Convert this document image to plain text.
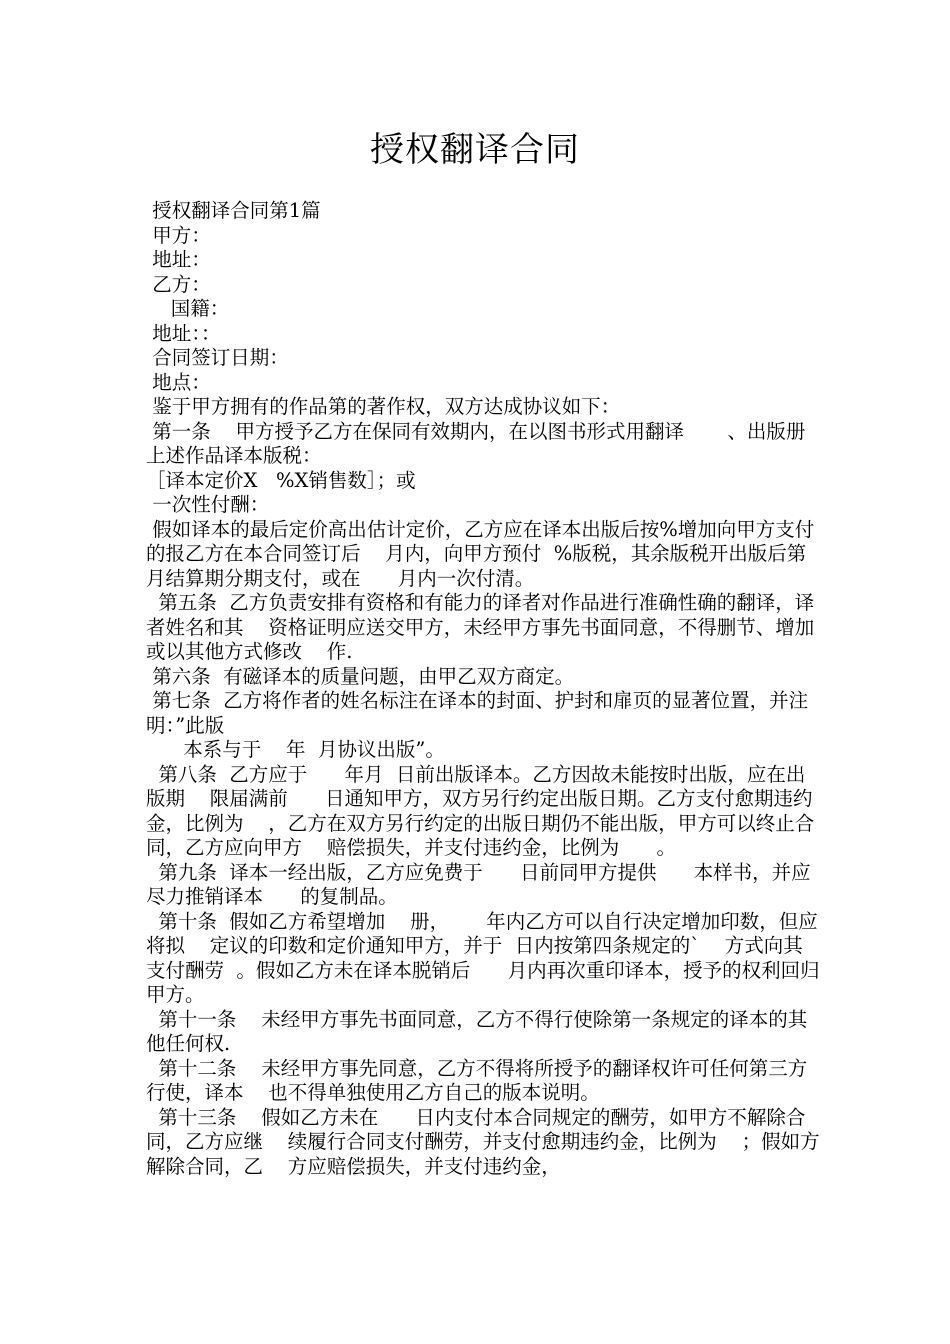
授权翻译合同

授权翻译合同第1篇

甲方：

地址：

乙方：

国籍：

地址：：

合同签订日期：

地点：

鉴于甲方拥有的作品第的著作权，双方达成协议如下：

第一条    甲方授予乙方在保同有效期内，在以图书形式用翻译       、出版册上述作品译本版税：

［译本定价X   %X销售数］；或

一次性付酬：

假如译本的最后定价高出估计定价，乙方应在译本出版后按%增加向甲方支付的报乙方在本合同签订后    月内，向甲方预付  %版税，其余版税开出版后第    月结算期分期支付，或在      月内一次付清。

第五条  乙方负责安排有资格和有能力的译者对作品进行准确性确的翻译，译者姓名和其    资格证明应送交甲方，未经甲方事先书面同意，不得删节、增加或以其他方式修改    作.

第六条  有磁译本的质量问题，由甲乙双方商定。

第七条  乙方将作者的姓名标注在译本的封面、护封和扉页的显著位置，并注明：”此版

本系与于    年  月协议出版”。

第八条  乙方应于      年月  日前出版译本。乙方因故未能按时出版，应在出版期    限届满前      日通知甲方，双方另行约定出版日期。乙方支付愈期违约金，比例为    ，乙方在双方另行约定的出版日期仍不能出版，甲方可以终止合同，乙方应向甲方    赔偿损失，并支付违约金，比例为      。

第九条  译本一经出版，乙方应免费于      日前同甲方提供      本样书，并应尽力推销译本      的复制品。

第十条  假如乙方希望增加    册，      年内乙方可以自行决定增加印数，但应将拟    定议的印数和定价通知甲方，并于  日内按第四条规定的`    方式向其支付酬劳  。假如乙方未在译本脱销后      月内再次重印译本，授予的权利回归甲方。

第十一条    未经甲方事先书面同意，乙方不得行使除第一条规定的译本的其他任何权.

第十二条    未经甲方事先同意，乙方不得将所授予的翻译权许可任何第三方行使，译本    也不得单独使用乙方自己的版本说明。

第十三条    假如乙方未在      日内支付本合同规定的酬劳，如甲方不解除合同，乙方应继    续履行合同支付酬劳，并支付愈期违约金，比例为    ；假如方解除合同，乙    方应赔偿损失，并支付违约金，
